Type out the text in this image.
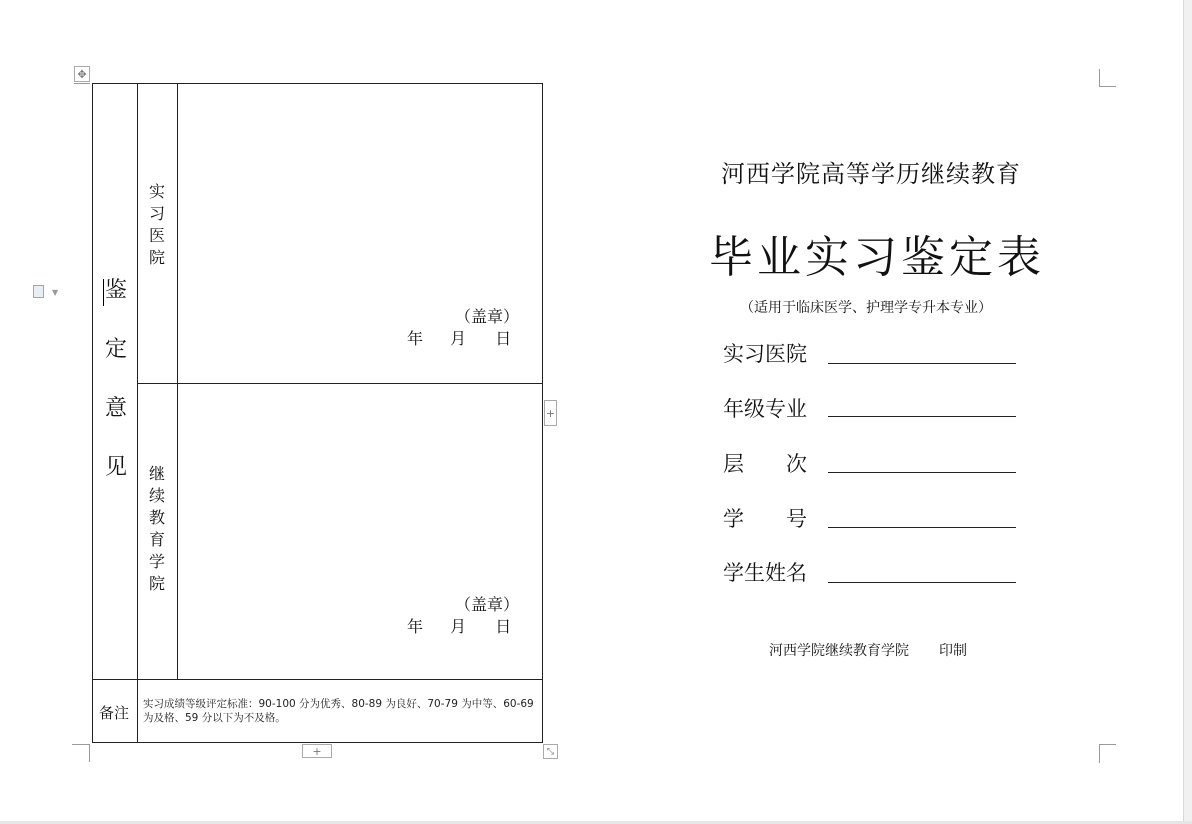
✥
▼ 鉴
定
意
见
实
习
医
院
继
续
教
育
学
院
（盖章）
年 月 日
（盖章）
年 月 日
备注 实习成绩等级评定标准：90-100 分为优秀、80-89 为良好、70-79 为中等、60-69
为及格、59 分以下为不及格。
+
+	⤡
河西学院高等学历继续教育
毕业实习鉴定表
（适用于临床医学、护理学专升本专业）
实习医院
年级专业
层　　次
学　　号
学生姓名
河西学院继续教育学院 印制
